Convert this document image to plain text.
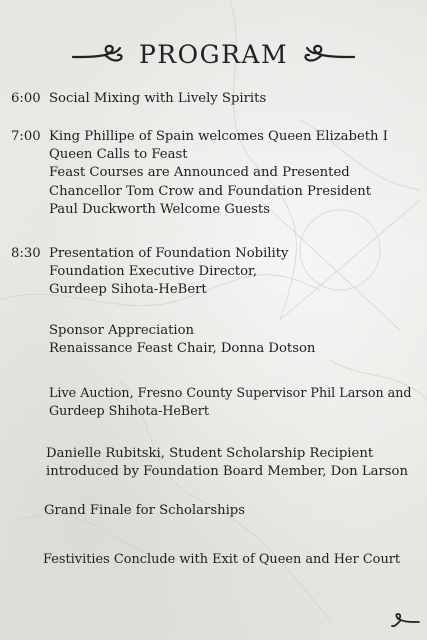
PROGRAM
6:00 Social Mixing with Lively Spirits
7:00 King Phillipe of Spain welcomes Queen Elizabeth I
Queen Calls to Feast
Feast Courses are Announced and Presented
Chancellor Tom Crow and Foundation President
Paul Duckworth Welcome Guests
8:30 Presentation of Foundation Nobility
Foundation Executive Director,
Gurdeep Sihota-HeBert
Sponsor Appreciation
Renaissance Feast Chair, Donna Dotson
Live Auction, Fresno County Supervisor Phil Larson and
Gurdeep Shihota-HeBert
Danielle Rubitski, Student Scholarship Recipient
introduced by Foundation Board Member, Don Larson
Grand Finale for Scholarships
Festivities Conclude with Exit of Queen and Her Court
